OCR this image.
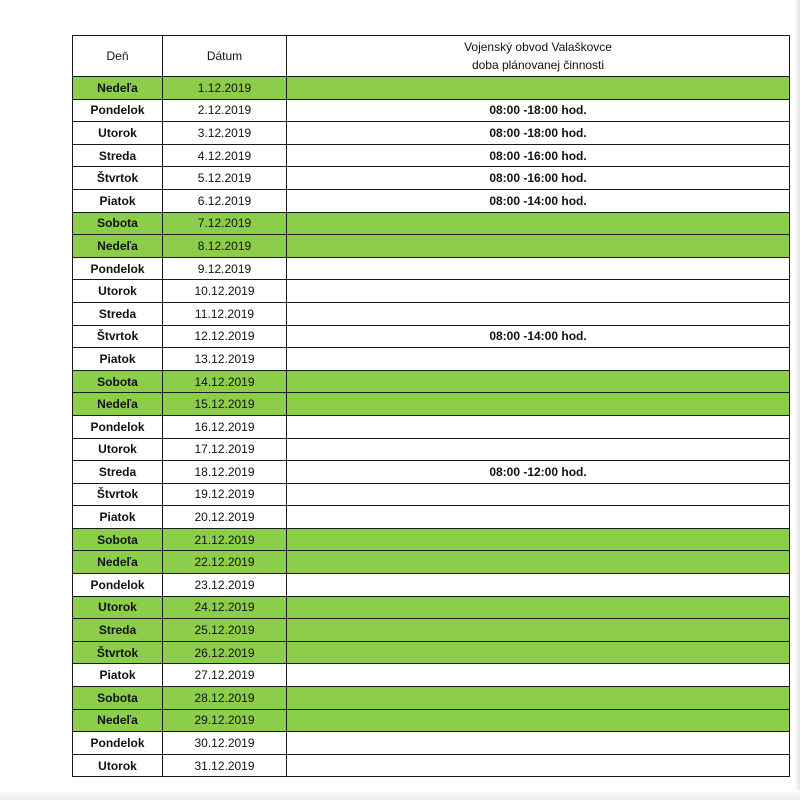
Deň	Dátum	Vojenský obvod Valaškovce
doba plánovanej činnosti
Nedeľa	1.12.2019	
Pondelok	2.12.2019	08:00 -18:00 hod.
Utorok	3.12.2019	08:00 -18:00 hod.
Streda	4.12.2019	08:00 -16:00 hod.
Štvrtok	5.12.2019	08:00 -16:00 hod.
Piatok	6.12.2019	08:00 -14:00 hod.
Sobota	7.12.2019	
Nedeľa	8.12.2019	
Pondelok	9.12.2019	
Utorok	10.12.2019	
Streda	11.12.2019	
Štvrtok	12.12.2019	08:00 -14:00 hod.
Piatok	13.12.2019	
Sobota	14.12.2019	
Nedeľa	15.12.2019	
Pondelok	16.12.2019	
Utorok	17.12.2019	
Streda	18.12.2019	08:00 -12:00 hod.
Štvrtok	19.12.2019	
Piatok	20.12.2019	
Sobota	21.12.2019	
Nedeľa	22.12.2019	
Pondelok	23.12.2019	
Utorok	24.12.2019	
Streda	25.12.2019	
Štvrtok	26.12.2019	
Piatok	27.12.2019	
Sobota	28.12.2019	
Nedeľa	29.12.2019	
Pondelok	30.12.2019	
Utorok	31.12.2019	
